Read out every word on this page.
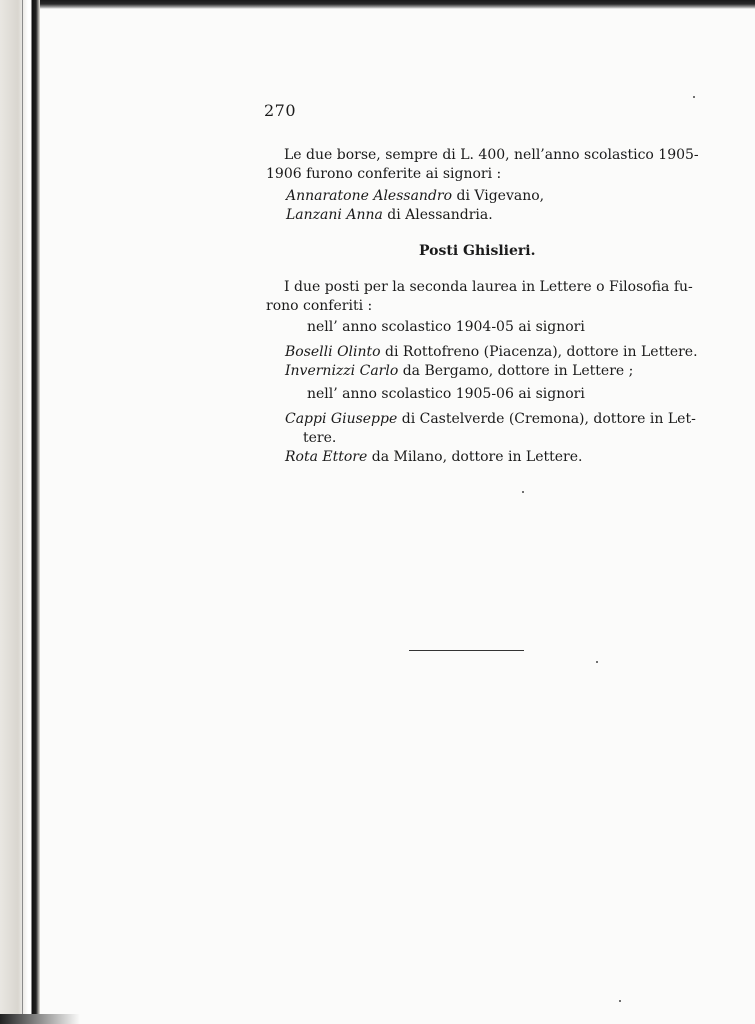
270
Le due borse, sempre di L. 400, nell’anno scolastico 1905-
1906 furono conferite ai signori :
Annaratone Alessandro di Vigevano,
Lanzani Anna di Alessandria.
Posti Ghislieri.
I due posti per la seconda laurea in Lettere o Filosofia fu-
rono conferiti :
nell’ anno scolastico 1904-05 ai signori
Boselli Olinto di Rottofreno (Piacenza), dottore in Lettere.
Invernizzi Carlo da Bergamo, dottore in Lettere ;
nell’ anno scolastico 1905-06 ai signori
Cappi Giuseppe di Castelverde (Cremona), dottore in Let-
tere.
Rota Ettore da Milano, dottore in Lettere.
